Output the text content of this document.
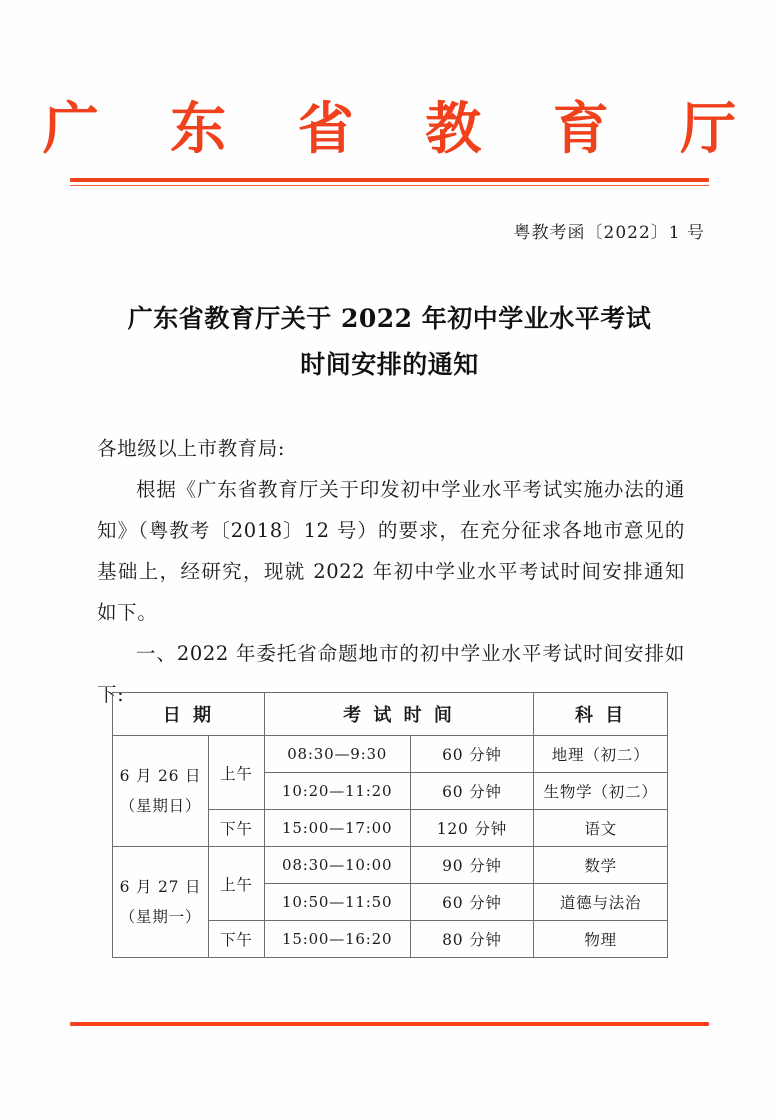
广 东 省 教 育 厅
粤教考函〔2022〕1 号
广东省教育厅关于 2022 年初中学业水平考试
时间安排的通知

各地级以上市教育局:

根据《广东省教育厅关于印发初中学业水平考试实施办法的通知》（粤教考〔2018〕12 号）的要求，在充分征求各地市意见的基础上，经研究，现就 2022 年初中学业水平考试时间安排通知如下。

一、2022 年委托省命题地市的初中学业水平考试时间安排如下:

日 期		考 试 时 间		科 目

6 月 26 日
（星期日）	上午	08:30—9:30	60 分钟	地理（初二）
		10:20—11:20	60 分钟	生物学（初二）
	下午	15:00—17:00	120 分钟	语文

6 月 27 日
（星期一）	上午	08:30—10:00	90 分钟	数学
		10:50—11:50	60 分钟	道德与法治
	下午	15:00—16:20	80 分钟	物理
